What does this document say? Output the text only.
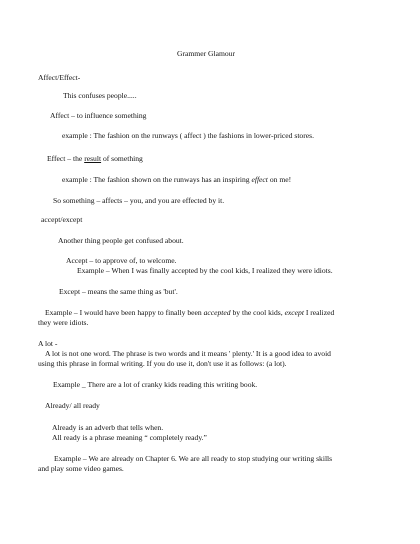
Grammer Glamour
Affect/Effect-
This confuses people.....
Affect – to influence something
example : The fashion on the runways ( affect ) the fashions in lower-priced stores.
Effect – the result of something
example : The fashion shown on the runways has an inspiring effect on me!
So something – affects – you, and you are effected by it.
accept/except
Another thing people get confused about.
Accept – to approve of, to welcome.
Example – When I was finally accepted by the cool kids, I realized they were idiots.
Except – means the same thing as 'but'.
Example – I would have been happy to finally been accepted by the cool kids, except I realized
they were idiots.
A lot -
A lot is not one word. The phrase is two words and it means ' plenty.' It is a good idea to avoid
using this phrase in formal writing. If you do use it, don't use it as follows: (a lot).
Example _ There are a lot of cranky kids reading this writing book.
Already/ all ready
Already is an adverb that tells when.
All ready is a phrase meaning “ completely ready.”
Example – We are already on Chapter 6. We are all ready to stop studying our writing skills
and play some video games.
